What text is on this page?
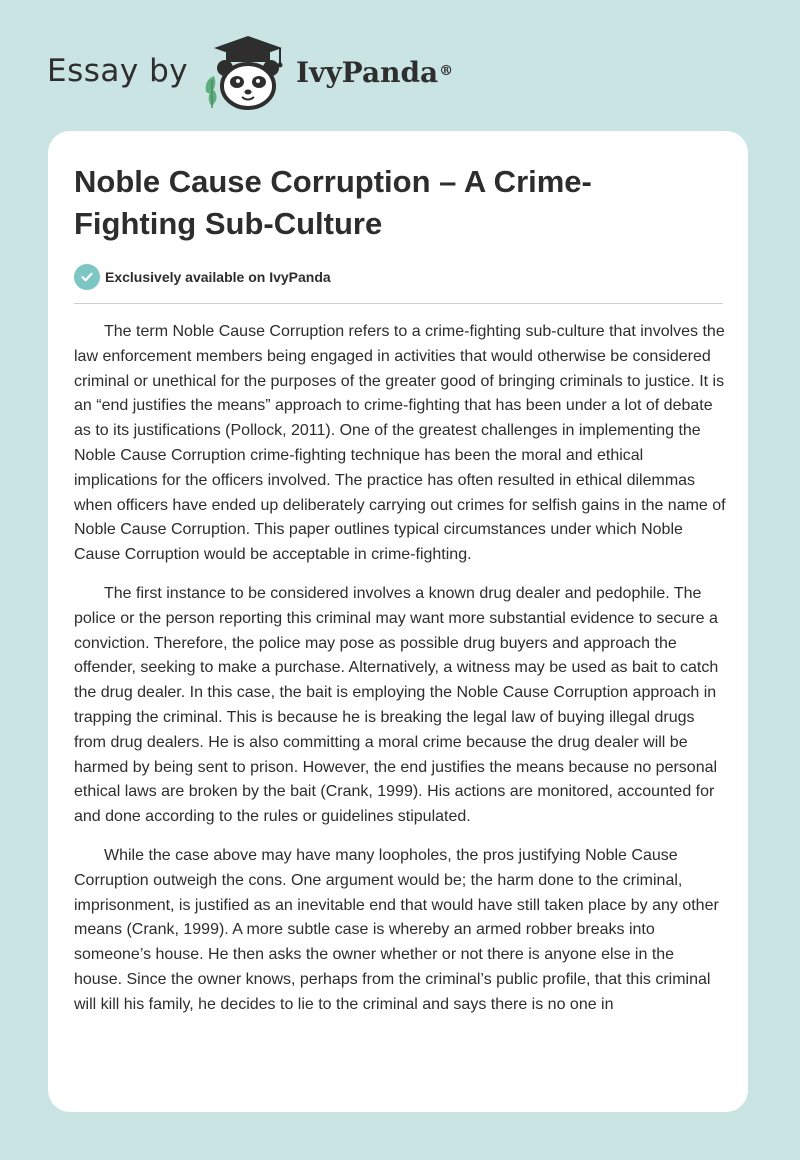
Essay by	IvyPanda®
Noble Cause Corruption – A Crime-Fighting Sub-Culture
Exclusively available on IvyPanda

The term Noble Cause Corruption refers to a crime-fighting sub-culture that involves the law enforcement members being engaged in activities that would otherwise be considered criminal or unethical for the purposes of the greater good of bringing criminals to justice. It is an “end justifies the means” approach to crime-fighting that has been under a lot of debate as to its justifications (Pollock, 2011). One of the greatest challenges in implementing the Noble Cause Corruption crime-fighting technique has been the moral and ethical implications for the officers involved. The practice has often resulted in ethical dilemmas when officers have ended up deliberately carrying out crimes for selfish gains in the name of Noble Cause Corruption. This paper outlines typical circumstances under which Noble Cause Corruption would be acceptable in crime-fighting.

The first instance to be considered involves a known drug dealer and pedophile. The police or the person reporting this criminal may want more substantial evidence to secure a conviction. Therefore, the police may pose as possible drug buyers and approach the offender, seeking to make a purchase. Alternatively, a witness may be used as bait to catch the drug dealer. In this case, the bait is employing the Noble Cause Corruption approach in trapping the criminal. This is because he is breaking the legal law of buying illegal drugs from drug dealers. He is also committing a moral crime because the drug dealer will be harmed by being sent to prison. However, the end justifies the means because no personal ethical laws are broken by the bait (Crank, 1999). His actions are monitored, accounted for and done according to the rules or guidelines stipulated.

While the case above may have many loopholes, the pros justifying Noble Cause Corruption outweigh the cons. One argument would be; the harm done to the criminal, imprisonment, is justified as an inevitable end that would have still taken place by any other means (Crank, 1999). A more subtle case is whereby an armed robber breaks into someone’s house. He then asks the owner whether or not there is anyone else in the house. Since the owner knows, perhaps from the criminal’s public profile, that this criminal will kill his family, he decides to lie to the criminal and says there is no one in
